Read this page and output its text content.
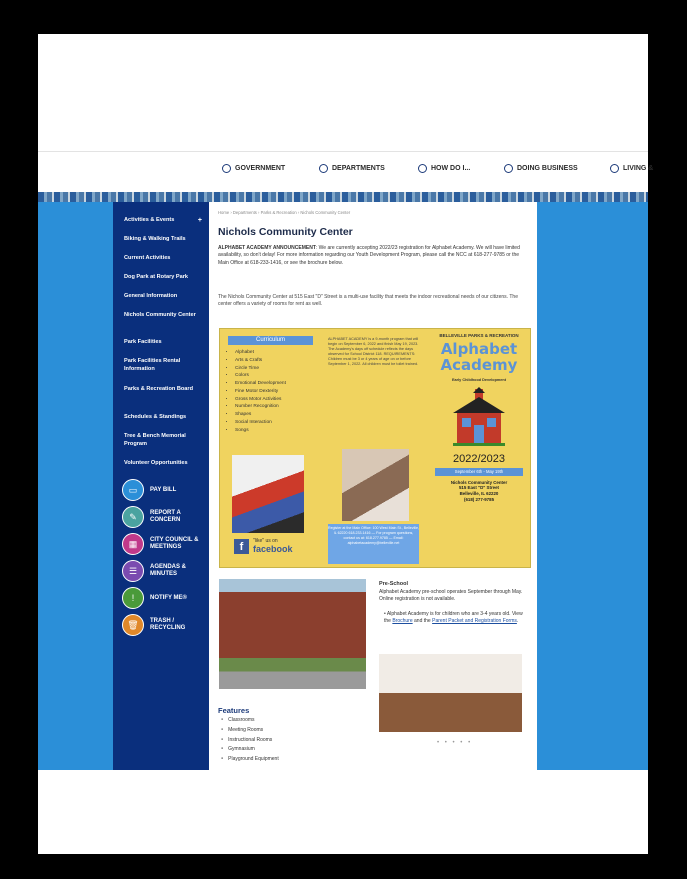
GOVERNMENT	DEPARTMENTS	HOW DO I...	DOING BUSINESS	LIVING &
Activities & Events	+
Biking & Walking Trails
Current Activities
Dog Park at Rotary Park
General Information
Nichols Community Center
Park Facilities
Park Facilities Rental Information
Parks & Recreation Board
Schedules & Standings
Tree & Bench Memorial Program
Volunteer Opportunities
▭	PAY BILL
✎	REPORT A CONCERN
▦	CITY COUNCIL & MEETINGS
☰	AGENDAS & MINUTES
!	NOTIFY ME®
🗑	TRASH / RECYCLING
Home › Departments › Parks & Recreation › Nichols Community Center
Nichols Community Center
ALPHABET ACADEMY ANNOUNCEMENT: We are currently accepting 2022/23 registration for Alphabet Academy. We will have limited availability, so don't delay! For more information regarding our Youth Development Program, please call the NCC at 618-277-9785 or the Main Office at 618-233-1416, or see the brochure below.
The Nichols Community Center at 515 East "D" Street is a multi-use facility that meets the indoor recreational needs of our citizens. The center offers a variety of rooms for rent as well.
Curriculum
• Alphabet
• Arts & Crafts
• Circle Time
• Colors
• Emotional Development
• Fine Motor Dexterity
• Gross Motor Activities
• Number Recognition
• Shapes
• Social Interaction
• Songs
f
"like" us on
facebook
ALPHABET ACADEMY is a 9-month program that will begin on September 6, 2022 and finish May 19, 2023. The Academy's days off schedule reflects the days observed for School District 118. REQUIREMENTS: Children must be 3 or 4 years of age on or before September 1, 2022. All children must be toilet trained.
Register at the Main Office: 100 West Main St., Belleville, IL 62220 618.233.1416 — For program questions, contact us at: 618.277.9785 — Email: alphabetacademy@belleville.net
BELLEVILLE PARKS & RECREATION
Alphabet Academy
Early Childhood Development
2022/2023
September 6th - May 19th
Nichols Community Center
515 East "D" Street
Belleville, IL 62220
(618) 277-9785
Pre-School
Alphabet Academy pre-school operates September through May. Online registration is not available.
• Alphabet Academy is for children who are 3-4 years old. View the Brochure and the Parent Packet and Registration Forms.
• • • • •
Features
● Classrooms
● Meeting Rooms
● Instructional Rooms
● Gymnasium
● Playground Equipment
